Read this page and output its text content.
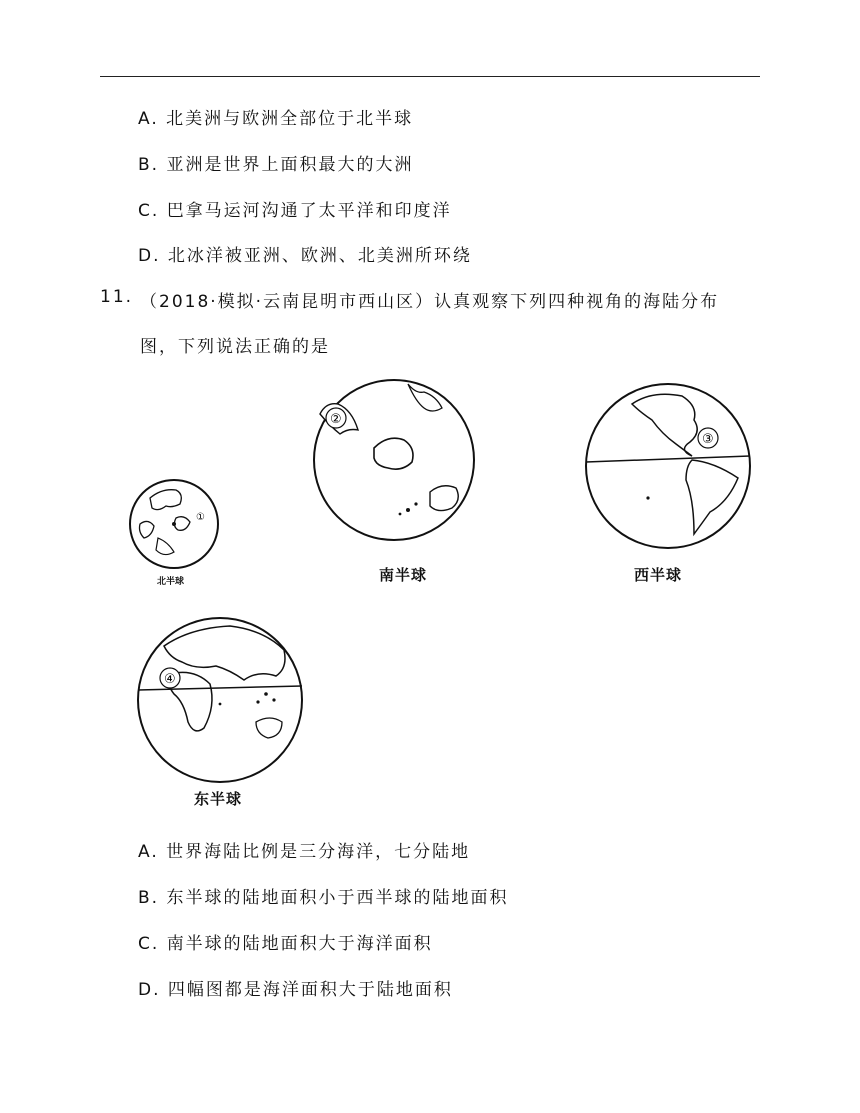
A. 北美洲与欧洲全部位于北半球
B. 亚洲是世界上面积最大的大洲
C. 巴拿马运河沟通了太平洋和印度洋
D. 北冰洋被亚洲、欧洲、北美洲所环绕
11. （2018·模拟·云南昆明市西山区）认真观察下列四种视角的海陆分布
图，下列说法正确的是
①
北半球
②
南半球
③
西半球
④
东半球
A. 世界海陆比例是三分海洋，七分陆地
B. 东半球的陆地面积小于西半球的陆地面积
C. 南半球的陆地面积大于海洋面积
D. 四幅图都是海洋面积大于陆地面积
